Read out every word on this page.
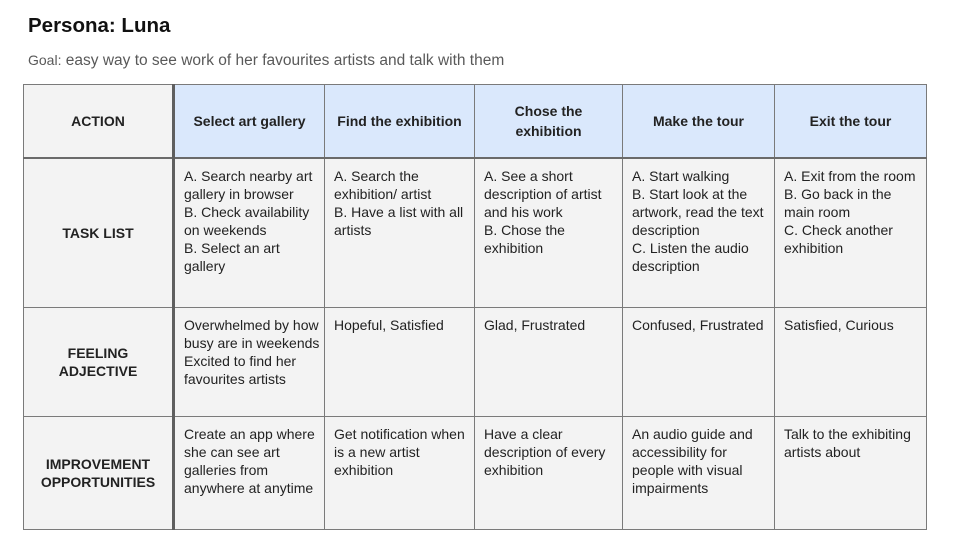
Persona: Luna
Goal: easy way to see work of her favourites artists and talk with them
ACTION	Select art gallery	Find the exhibition	Chose the exhibition	Make the tour	Exit the tour
TASK LIST	A. Search nearby art gallery in browser
B. Check availability on weekends
B. Select an art gallery	A. Search the exhibition/ artist
B. Have a list with all artists	A. See a short description of artist and his work
B. Chose the exhibition	A. Start walking
B. Start look at the artwork, read the text description
C. Listen the audio description	A. Exit from the room
B. Go back in the main room
C. Check another exhibition

FEELING ADJECTIVE	Overwhelmed by how busy are in weekends
Excited to find her favourites artists	Hopeful, Satisfied	Glad, Frustrated	Confused, Frustrated	Satisfied, Curious

IMPROVEMENT OPPORTUNITIES	Create an app where she can see art galleries from anywhere at anytime	Get notification when is a new artist exhibition	Have a clear description of every exhibition	An audio guide and accessibility for people with visual impairments	Talk to the exhibiting artists about
